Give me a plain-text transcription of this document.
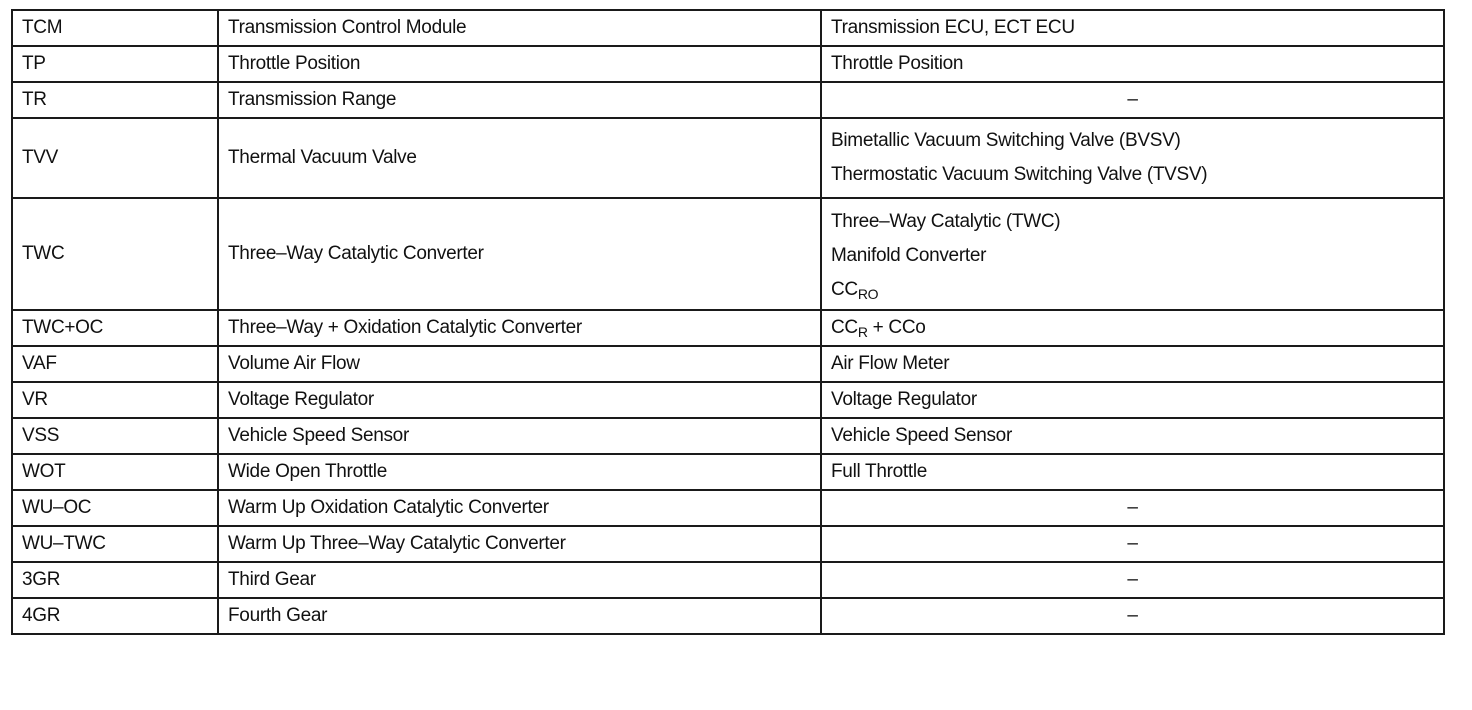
TCM	Transmission Control Module	Transmission ECU, ECT ECU
TP	Throttle Position	Throttle Position
TR	Transmission Range	–
TVV	Thermal Vacuum Valve	Bimetallic Vacuum Switching Valve (BVSV)
Thermostatic Vacuum Switching Valve (TVSV)

TWC	Three–Way Catalytic Converter	Three–Way Catalytic (TWC)
Manifold Converter
$CC_{RO}$

TWC+OC	Three–Way + Oxidation Catalytic Converter	$CC_R$ + CCo
VAF	Volume Air Flow	Air Flow Meter
VR	Voltage Regulator	Voltage Regulator
VSS	Vehicle Speed Sensor	Vehicle Speed Sensor
WOT	Wide Open Throttle	Full Throttle
WU–OC	Warm Up Oxidation Catalytic Converter	–
WU–TWC	Warm Up Three–Way Catalytic Converter	–
3GR	Third Gear	–
4GR	Fourth Gear	–
